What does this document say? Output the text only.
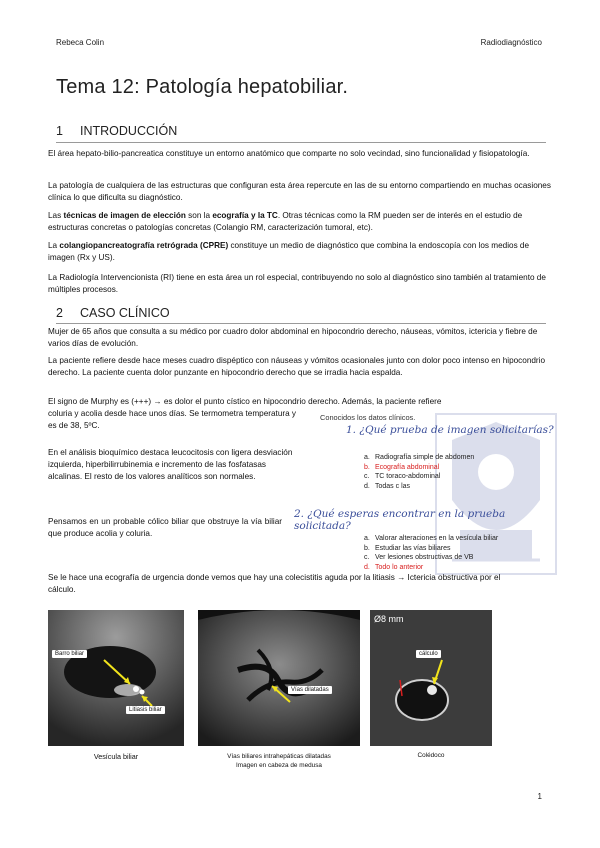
Rebeca Colin	Radiodiagnóstico
Tema 12: Patología hepatobiliar.
1 INTRODUCCIÓN
El área hepato-bilio-pancreatica constituye un entorno anatómico que comparte no solo vecindad, sino funcionalidad y fisiopatología.
La patología de cualquiera de las estructuras que configuran esta área repercute en las de su entorno compartiendo en muchas ocasiones clínica lo que dificulta su diagnóstico.
Las técnicas de imagen de elección son la ecografía y la TC. Otras técnicas como la RM pueden ser de interés en el estudio de estructuras concretas o patologías concretas (Colangio RM, caracterización tumoral, etc).
La colangiopancreatografía retrógrada (CPRE) constituye un medio de diagnóstico que combina la endoscopía con los medios de imagen (Rx y US).
La Radiología Intervencionista (RI) tiene en esta área un rol especial, contribuyendo no solo al diagnóstico sino también al tratamiento de múltiples procesos.
2 CASO CLÍNICO
Mujer de 65 años que consulta a su médico por cuadro dolor abdominal en hipocondrio derecho, náuseas, vómitos, ictericia y fiebre de varios días de evolución.
La paciente refiere desde hace meses cuadro dispéptico con náuseas y vómitos ocasionales junto con dolor poco intenso en hipocondrio derecho. La paciente cuenta dolor punzante en hipocondrio derecho que se irradia hacia espalda.
El signo de Murphy es (+++) → es dolor el punto cístico en hipocondrio derecho. Además, la paciente refiere
coluria y acolia desde hace unos días. Se termometra temperatura y es de 38, 5ºC.
En el análisis bioquímico destaca leucocitosis con ligera desviación izquierda, hiperbilirrubinemia e incremento de las fosfatasas alcalinas. El resto de los valores analíticos son normales.
Pensamos en un probable cólico biliar que obstruye la vía biliar que produce acolia y coluria.
Se le hace una ecografía de urgencia donde vemos que hay una colecistitis aguda por la litiasis → Ictericia obstructiva por el cálculo.
Conocidos los datos clínicos.
1. ¿Qué prueba de imagen solicitarías?
a. Radiografía simple de abdomen
b. Ecografía abdominal
c. TC toraco-abdominal
d. Todas c las
2. ¿Qué esperas encontrar en la prueba solicitada?
a. Valorar alteraciones en la vesícula biliar
b. Estudiar las vías biliares
c. Ver lesiones obstructivas de VB
d. Todo lo anterior
Barro biliar
Litiasis biliar
Vesícula biliar
Vías dilatadas
Vías biliares intrahepáticas dilatadas
Imagen en cabeza de medusa
Ø8 mm
cálculo
Colédoco
1
